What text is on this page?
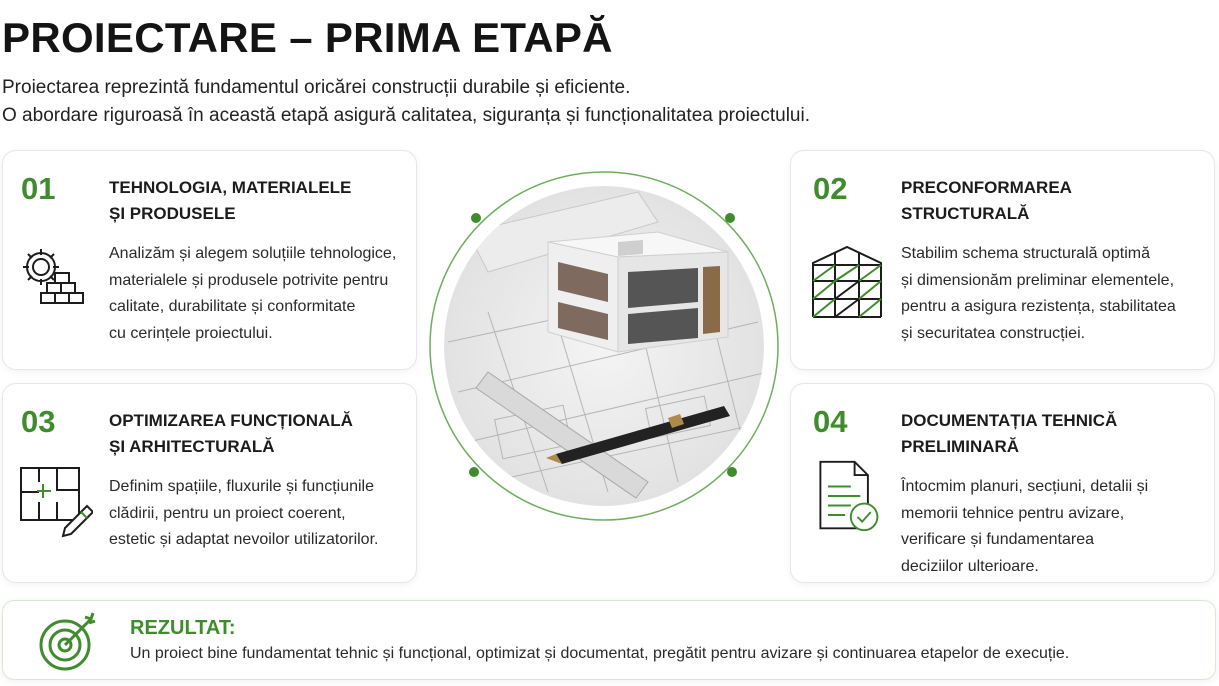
PROIECTARE – PRIMA ETAPĂ
Proiectarea reprezintă fundamentul oricărei construcții durabile și eficiente.
O abordare riguroasă în această etapă asigură calitatea, siguranța și funcționalitatea proiectului.
01	TEHNOLOGIA, MATERIALELE
ȘI PRODUSELE
Analizăm și alegem soluțiile tehnologice,
materialele și produsele potrivite pentru
calitate, durabilitate și conformitate
cu cerințele proiectului.
03	OPTIMIZAREA FUNCȚIONALĂ
ȘI ARHITECTURALĂ
Definim spațiile, fluxurile și funcțiunile
clădirii, pentru un proiect coerent,
estetic și adaptat nevoilor utilizatorilor.
02	PRECONFORMAREA
STRUCTURALĂ
Stabilim schema structurală optimă
și dimensionăm preliminar elementele,
pentru a asigura rezistența, stabilitatea
și securitatea construcției.
04	DOCUMENTAȚIA TEHNICĂ
PRELIMINARĂ
Întocmim planuri, secțiuni, detalii și
memorii tehnice pentru avizare,
verificare și fundamentarea
deciziilor ulterioare.
REZULTAT:
Un proiect bine fundamentat tehnic și funcțional, optimizat și documentat, pregătit pentru avizare și continuarea etapelor de execuție.
